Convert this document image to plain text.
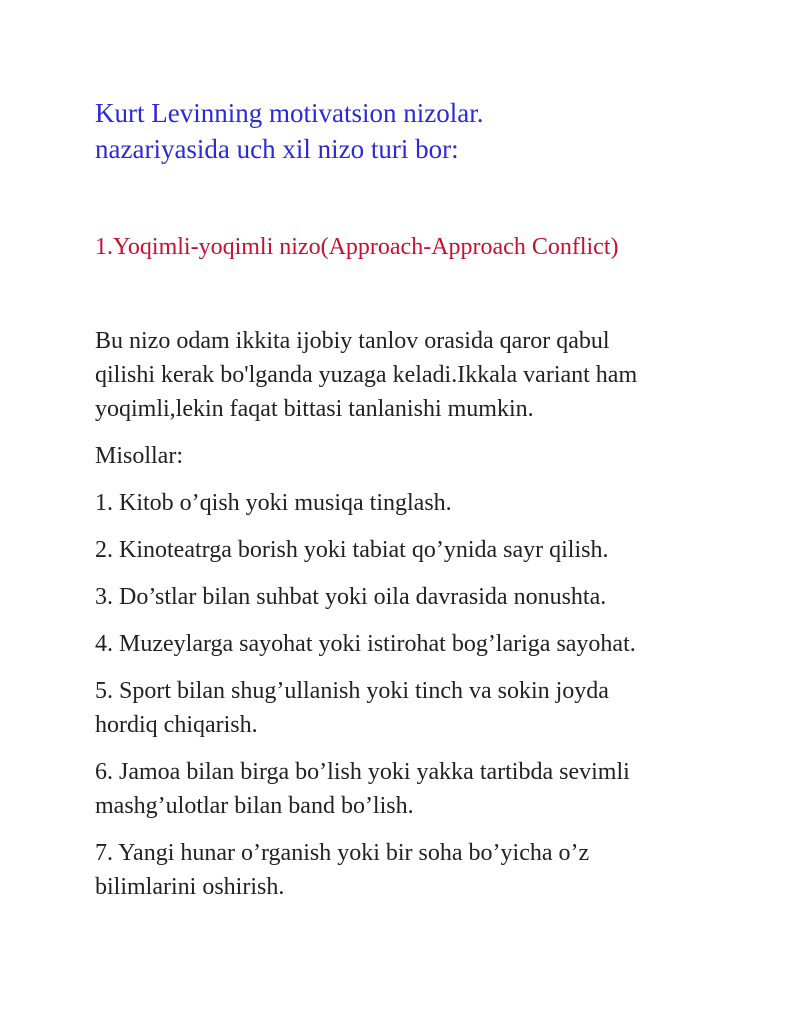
Kurt Levinning motivatsion nizolar.
nazariyasida uch xil nizo turi bor:
1.Yoqimli-yoqimli nizo(Approach-Approach Conflict)

Bu nizo odam ikkita ijobiy tanlov orasida qaror qabul
qilishi kerak bo'lganda yuzaga keladi.Ikkala variant ham
yoqimli,lekin faqat bittasi tanlanishi mumkin.

Misollar:

1. Kitob o’qish yoki musiqa tinglash.

2. Kinoteatrga borish yoki tabiat qo’ynida sayr qilish.

3. Do’stlar bilan suhbat yoki oila davrasida nonushta.

4. Muzeylarga sayohat yoki istirohat bog’lariga sayohat.

5. Sport bilan shug’ullanish yoki tinch va sokin joyda
hordiq chiqarish.

6. Jamoa bilan birga bo’lish yoki yakka tartibda sevimli
mashg’ulotlar bilan band bo’lish.

7. Yangi hunar o’rganish yoki bir soha bo’yicha o’z
bilimlarini oshirish.
